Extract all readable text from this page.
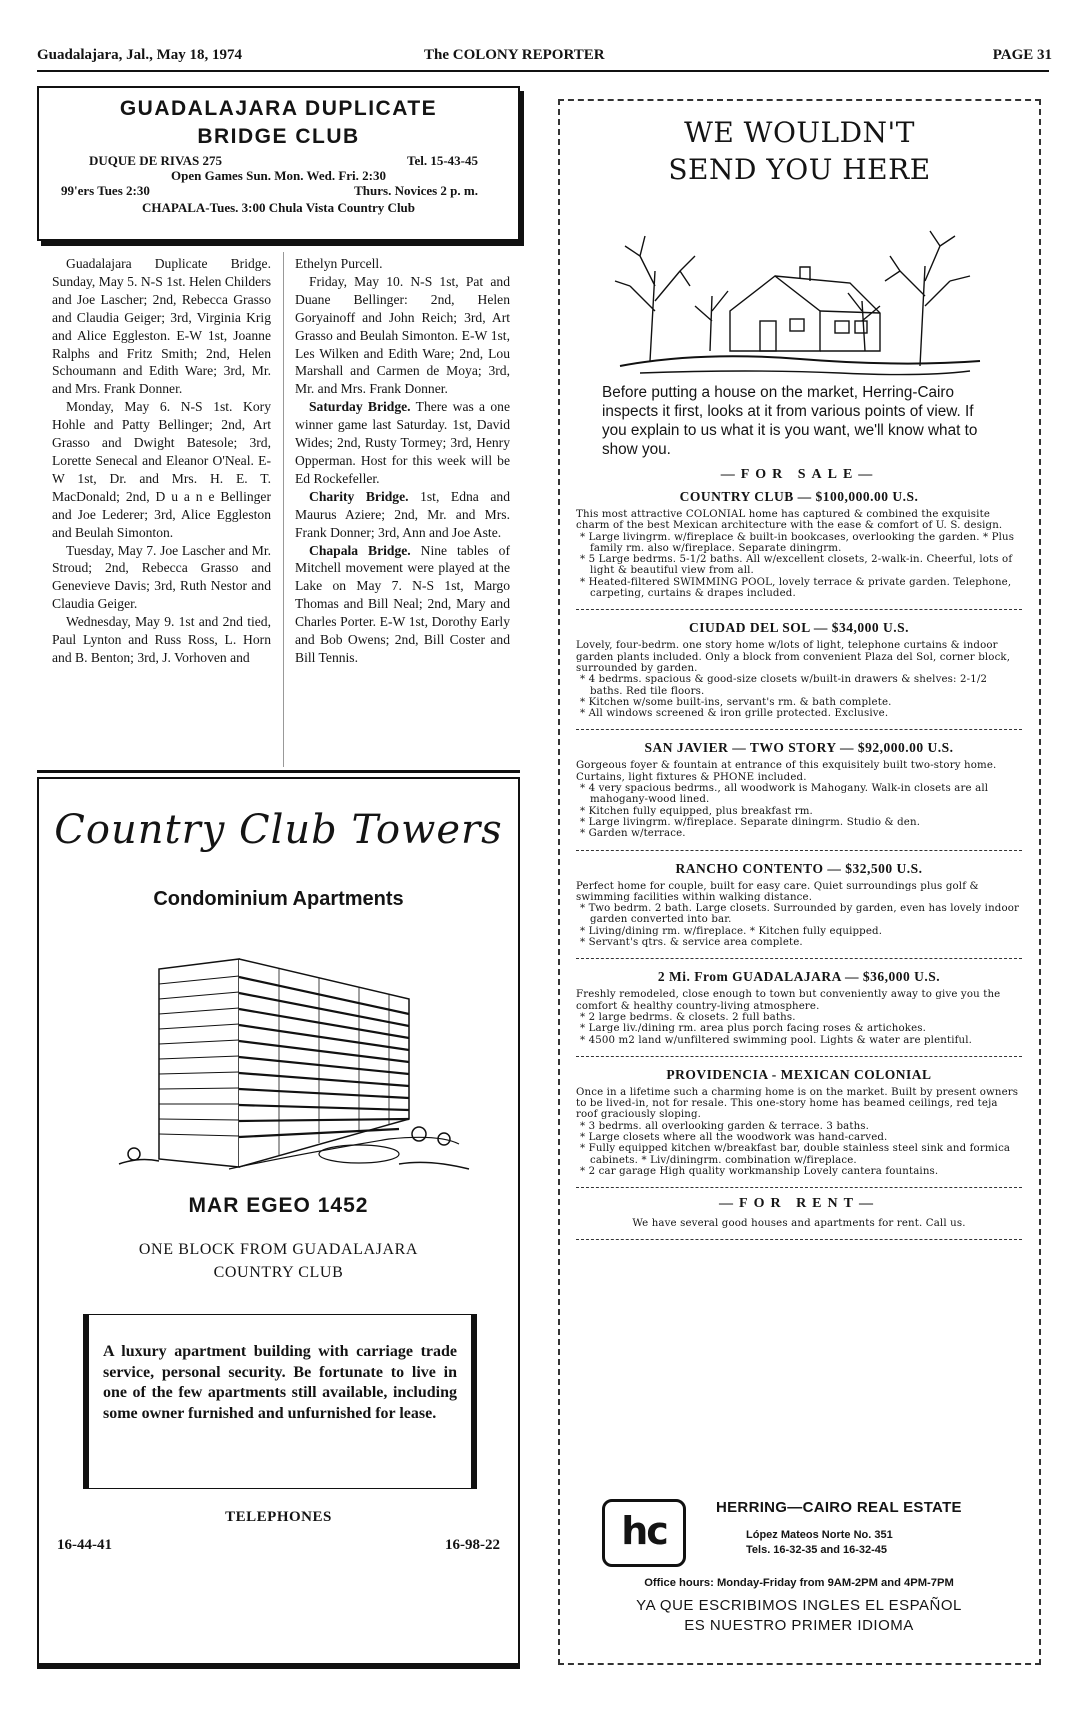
Guadalajara, Jal., May 18, 1974	The COLONY REPORTER	PAGE 31
GUADALAJARA DUPLICATE
BRIDGE CLUB
DUQUE DE RIVAS 275	Tel. 15-43-45
Open Games Sun. Mon. Wed. Fri. 2:30
99'ers Tues 2:30	Thurs. Novices 2 p. m.
CHAPALA-Tues. 3:00 Chula Vista Country Club

Guadalajara Duplicate Bridge. Sunday, May 5. N-S 1st. Helen Childers and Joe Lascher; 2nd, Rebecca Grasso and Claudia Geiger; 3rd, Virginia Krig and Alice Eggleston. E-W 1st, Joanne Ralphs and Fritz Smith; 2nd, Helen Schoumann and Edith Ware; 3rd, Mr. and Mrs. Frank Donner.

Monday, May 6. N-S 1st. Kory Hohle and Patty Bellinger; 2nd, Art Grasso and Dwight Batesole; 3rd, Lorette Senecal and Eleanor O'Neal. E-W 1st, Dr. and Mrs. H. E. T. MacDonald; 2nd, D u a n e Bellinger and Joe Lederer; 3rd, Alice Eggleston and Beulah Simonton.

Tuesday, May 7. Joe Lascher and Mr. Stroud; 2nd, Rebecca Grasso and Genevieve Davis; 3rd, Ruth Nestor and Claudia Geiger.

Wednesday, May 9. 1st and 2nd tied, Paul Lynton and Russ Ross, L. Horn and B. Benton; 3rd, J. Vorhoven and

Ethelyn Purcell.

Friday, May 10. N-S 1st, Pat and Duane Bellinger: 2nd, Helen Goryainoff and John Reich; 3rd, Art Grasso and Beulah Simonton. E-W 1st, Les Wilken and Edith Ware; 2nd, Lou Marshall and Carmen de Moya; 3rd, Mr. and Mrs. Frank Donner.

Saturday Bridge. There was a one winner game last Saturday. 1st, David Wides; 2nd, Rusty Tormey; 3rd, Henry Opperman. Host for this week will be Ed Rockefeller.

Charity Bridge. 1st, Edna and Maurus Aziere; 2nd, Mr. and Mrs. Frank Donner; 3rd, Ann and Joe Aste.

Chapala Bridge. Nine tables of Mitchell movement were played at the Lake on May 7. N-S 1st, Margo Thomas and Bill Neal; 2nd, Mary and Charles Porter. E-W 1st, Dorothy Early and Bob Owens; 2nd, Bill Coster and Bill Tennis.

Country Club Towers
Condominium Apartments
MAR EGEO 1452
ONE BLOCK FROM GUADALAJARA
COUNTRY CLUB
A luxury apartment building with carriage trade service, personal security. Be fortunate to live in one of the few apartments still available, including some owner furnished and unfurnished for lease.
TELEPHONES
16-44-41	16-98-22
WE WOULDN'T
SEND YOU HERE
Before putting a house on the market, Herring-Cairo inspects it first, looks at it from various points of view. If you explain to us what it is you want, we'll know what to show you.
—FOR SALE—
COUNTRY CLUB — $100,000.00 U.S.
This most attractive COLONIAL home has captured & combined the exquisite charm of the best Mexican architecture with the ease & comfort of U. S. design.
* Large livingrm. w/fireplace & built-in bookcases, overlooking the garden. * Plus family rm. also w/fireplace. Separate diningrm.
* 5 Large bedrms. 5-1/2 baths. All w/excellent closets, 2-walk-in. Cheerful, lots of light & beautiful view from all.
* Heated-filtered SWIMMING POOL, lovely terrace & private garden. Telephone, carpeting, curtains & drapes included.
CIUDAD DEL SOL — $34,000 U.S.
Lovely, four-bedrm. one story home w/lots of light, telephone curtains & indoor garden plants included. Only a block from convenient Plaza del Sol, corner block, surrounded by garden.
* 4 bedrms. spacious & good-size closets w/built-in drawers & shelves: 2-1/2 baths. Red tile floors.
* Kitchen w/some built-ins, servant's rm. & bath complete.
* All windows screened & iron grille protected. Exclusive.
SAN JAVIER — TWO STORY — $92,000.00 U.S.
Gorgeous foyer & fountain at entrance of this exquisitely built two-story home. Curtains, light fixtures & PHONE included.
* 4 very spacious bedrms., all woodwork is Mahogany. Walk-in closets are all mahogany-wood lined.
* Kitchen fully equipped, plus breakfast rm.
* Large livingrm. w/fireplace. Separate diningrm. Studio & den.
* Garden w/terrace.
RANCHO CONTENTO — $32,500 U.S.
Perfect home for couple, built for easy care. Quiet surroundings plus golf & swimming facilities within walking distance.
* Two bedrm. 2 bath. Large closets. Surrounded by garden, even has lovely indoor garden converted into bar.
* Living/dining rm. w/fireplace. * Kitchen fully equipped.
* Servant's qtrs. & service area complete.
2 Mi. From GUADALAJARA — $36,000 U.S.
Freshly remodeled, close enough to town but conveniently away to give you the comfort & healthy country-living atmosphere.
* 2 large bedrms. & closets. 2 full baths.
* Large liv./dining rm. area plus porch facing roses & artichokes.
* 4500 m2 land w/unfiltered swimming pool. Lights & water are plentiful.
PROVIDENCIA - MEXICAN COLONIAL
Once in a lifetime such a charming home is on the market. Built by present owners to be lived-in, not for resale. This one-story home has beamed ceilings, red teja roof graciously sloping.
* 3 bedrms. all overlooking garden & terrace. 3 baths.
* Large closets where all the woodwork was hand-carved.
* Fully equipped kitchen w/breakfast bar, double stainless steel sink and formica cabinets. * Liv/diningrm. combination w/fireplace.
* 2 car garage High quality workmanship Lovely cantera fountains.
—FOR RENT—
We have several good houses and apartments for rent. Call us.
hc
HERRING—CAIRO REAL ESTATE
López Mateos Norte No. 351
Tels. 16-32-35 and 16-32-45
Office hours: Monday-Friday from 9AM-2PM and 4PM-7PM
YA QUE ESCRIBIMOS INGLES EL ESPAÑOL
ES NUESTRO PRIMER IDIOMA
